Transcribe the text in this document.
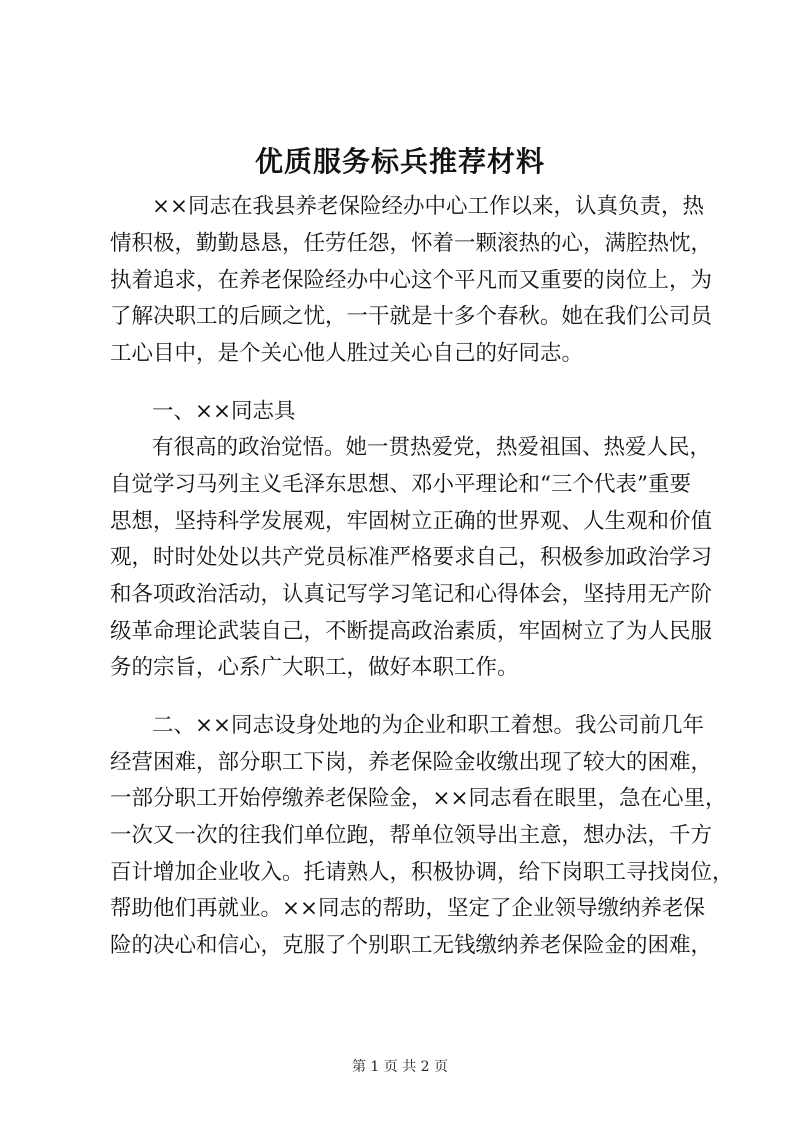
优质服务标兵推荐材料

××同志在我县养老保险经办中心工作以来，认真负责，热

情积极，勤勤恳恳，任劳任怨，怀着一颗滚热的心，满腔热忱，

执着追求，在养老保险经办中心这个平凡而又重要的岗位上，为

了解决职工的后顾之忧，一干就是十多个春秋。她在我们公司员

工心目中，是个关心他人胜过关心自己的好同志。

一、××同志具

有很高的政治觉悟。她一贯热爱党，热爱祖国、热爱人民，

自觉学习马列主义毛泽东思想、邓小平理论和“三个代表”重要

思想，坚持科学发展观，牢固树立正确的世界观、人生观和价值

观，时时处处以共产党员标准严格要求自己，积极参加政治学习

和各项政治活动，认真记写学习笔记和心得体会，坚持用无产阶

级革命理论武装自己，不断提高政治素质，牢固树立了为人民服

务的宗旨，心系广大职工，做好本职工作。

二、××同志设身处地的为企业和职工着想。我公司前几年

经营困难，部分职工下岗，养老保险金收缴出现了较大的困难，

一部分职工开始停缴养老保险金，××同志看在眼里，急在心里，

一次又一次的往我们单位跑，帮单位领导出主意，想办法，千方

百计增加企业收入。托请熟人，积极协调，给下岗职工寻找岗位，

帮助他们再就业。××同志的帮助，坚定了企业领导缴纳养老保

险的决心和信心，克服了个别职工无钱缴纳养老保险金的困难，

第 1 页 共 2 页
